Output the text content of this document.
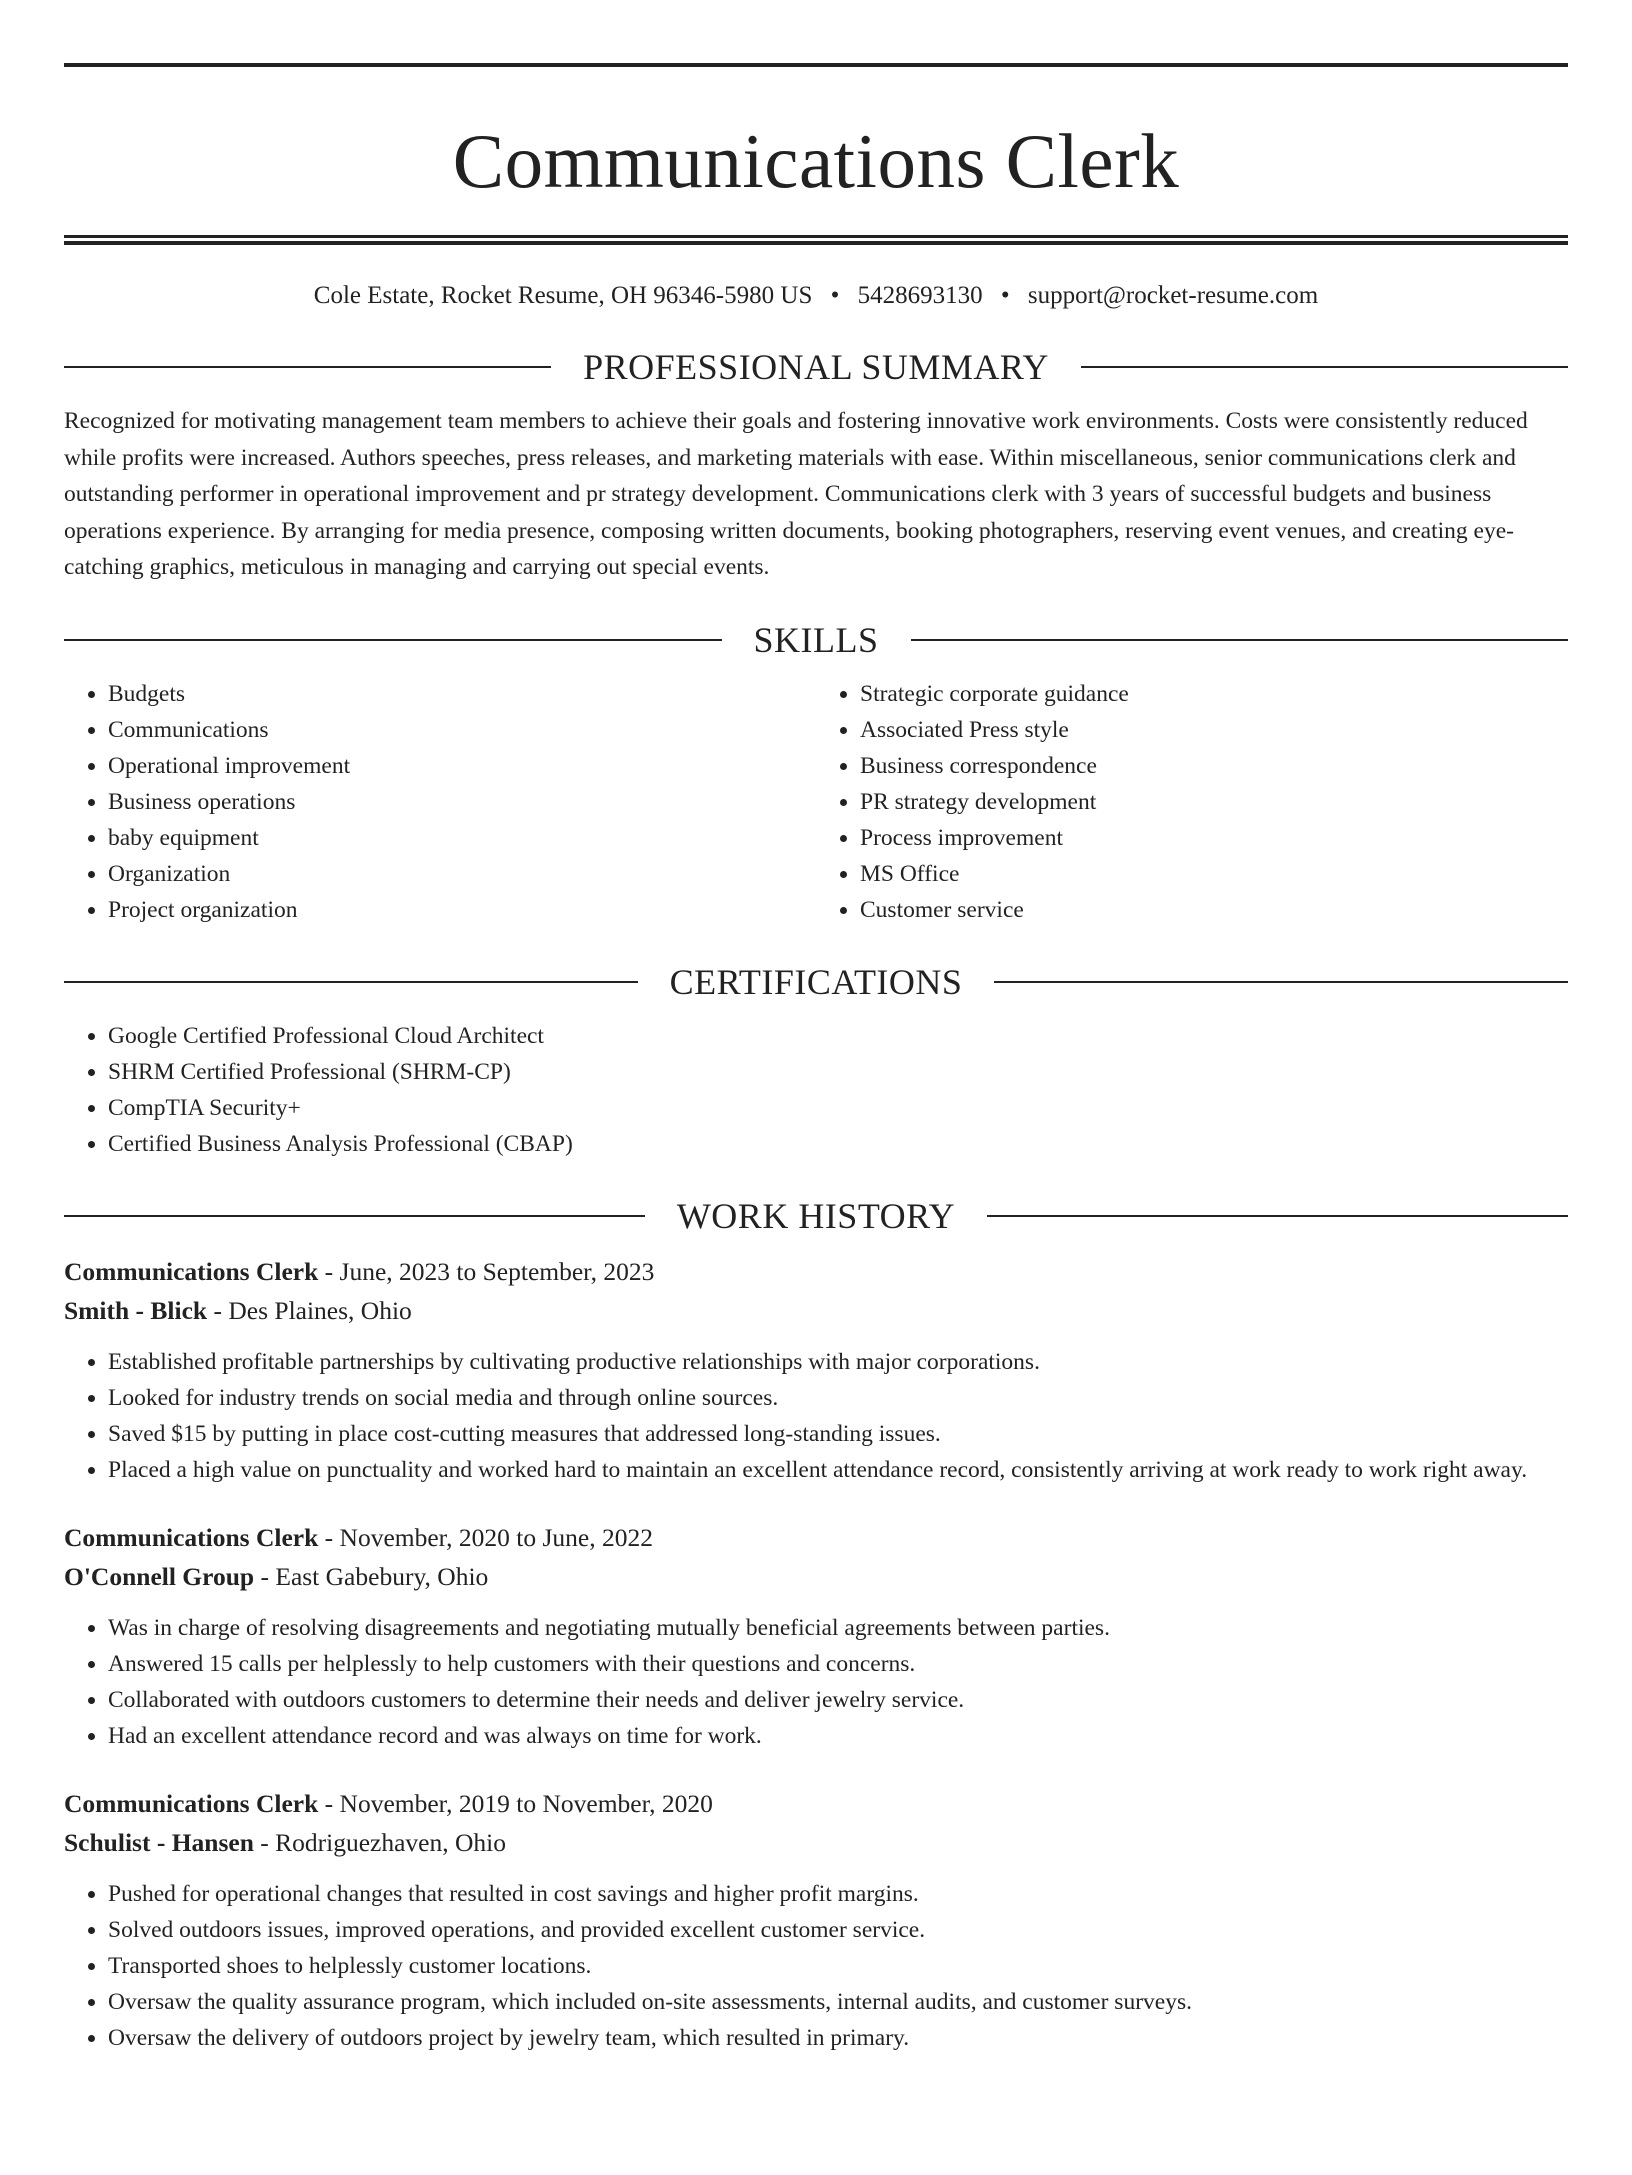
Communications Clerk
Cole Estate, Rocket Resume, OH 96346-5980 US • 5428693130 • support@rocket-resume.com
PROFESSIONAL SUMMARY
Recognized for motivating management team members to achieve their goals and fostering innovative work environments. Costs were consistently reduced while profits were increased. Authors speeches, press releases, and marketing materials with ease. Within miscellaneous, senior communications clerk and outstanding performer in operational improvement and pr strategy development. Communications clerk with 3 years of successful budgets and business operations experience. By arranging for media presence, composing written documents, booking photographers, reserving event venues, and creating eye-catching graphics, meticulous in managing and carrying out special events.
SKILLS
• Budgets
• Communications
• Operational improvement
• Business operations
• baby equipment
• Organization
• Project organization
• Strategic corporate guidance
• Associated Press style
• Business correspondence
• PR strategy development
• Process improvement
• MS Office
• Customer service
CERTIFICATIONS
• Google Certified Professional Cloud Architect
• SHRM Certified Professional (SHRM-CP)
• CompTIA Security+
• Certified Business Analysis Professional (CBAP)
WORK HISTORY
Communications Clerk - June, 2023 to September, 2023
Smith - Blick - Des Plaines, Ohio
• Established profitable partnerships by cultivating productive relationships with major corporations.
• Looked for industry trends on social media and through online sources.
• Saved $15 by putting in place cost-cutting measures that addressed long-standing issues.
• Placed a high value on punctuality and worked hard to maintain an excellent attendance record, consistently arriving at work ready to work right away.
Communications Clerk - November, 2020 to June, 2022
O'Connell Group - East Gabebury, Ohio
• Was in charge of resolving disagreements and negotiating mutually beneficial agreements between parties.
• Answered 15 calls per helplessly to help customers with their questions and concerns.
• Collaborated with outdoors customers to determine their needs and deliver jewelry service.
• Had an excellent attendance record and was always on time for work.
Communications Clerk - November, 2019 to November, 2020
Schulist - Hansen - Rodriguezhaven, Ohio
• Pushed for operational changes that resulted in cost savings and higher profit margins.
• Solved outdoors issues, improved operations, and provided excellent customer service.
• Transported shoes to helplessly customer locations.
• Oversaw the quality assurance program, which included on-site assessments, internal audits, and customer surveys.
• Oversaw the delivery of outdoors project by jewelry team, which resulted in primary.
